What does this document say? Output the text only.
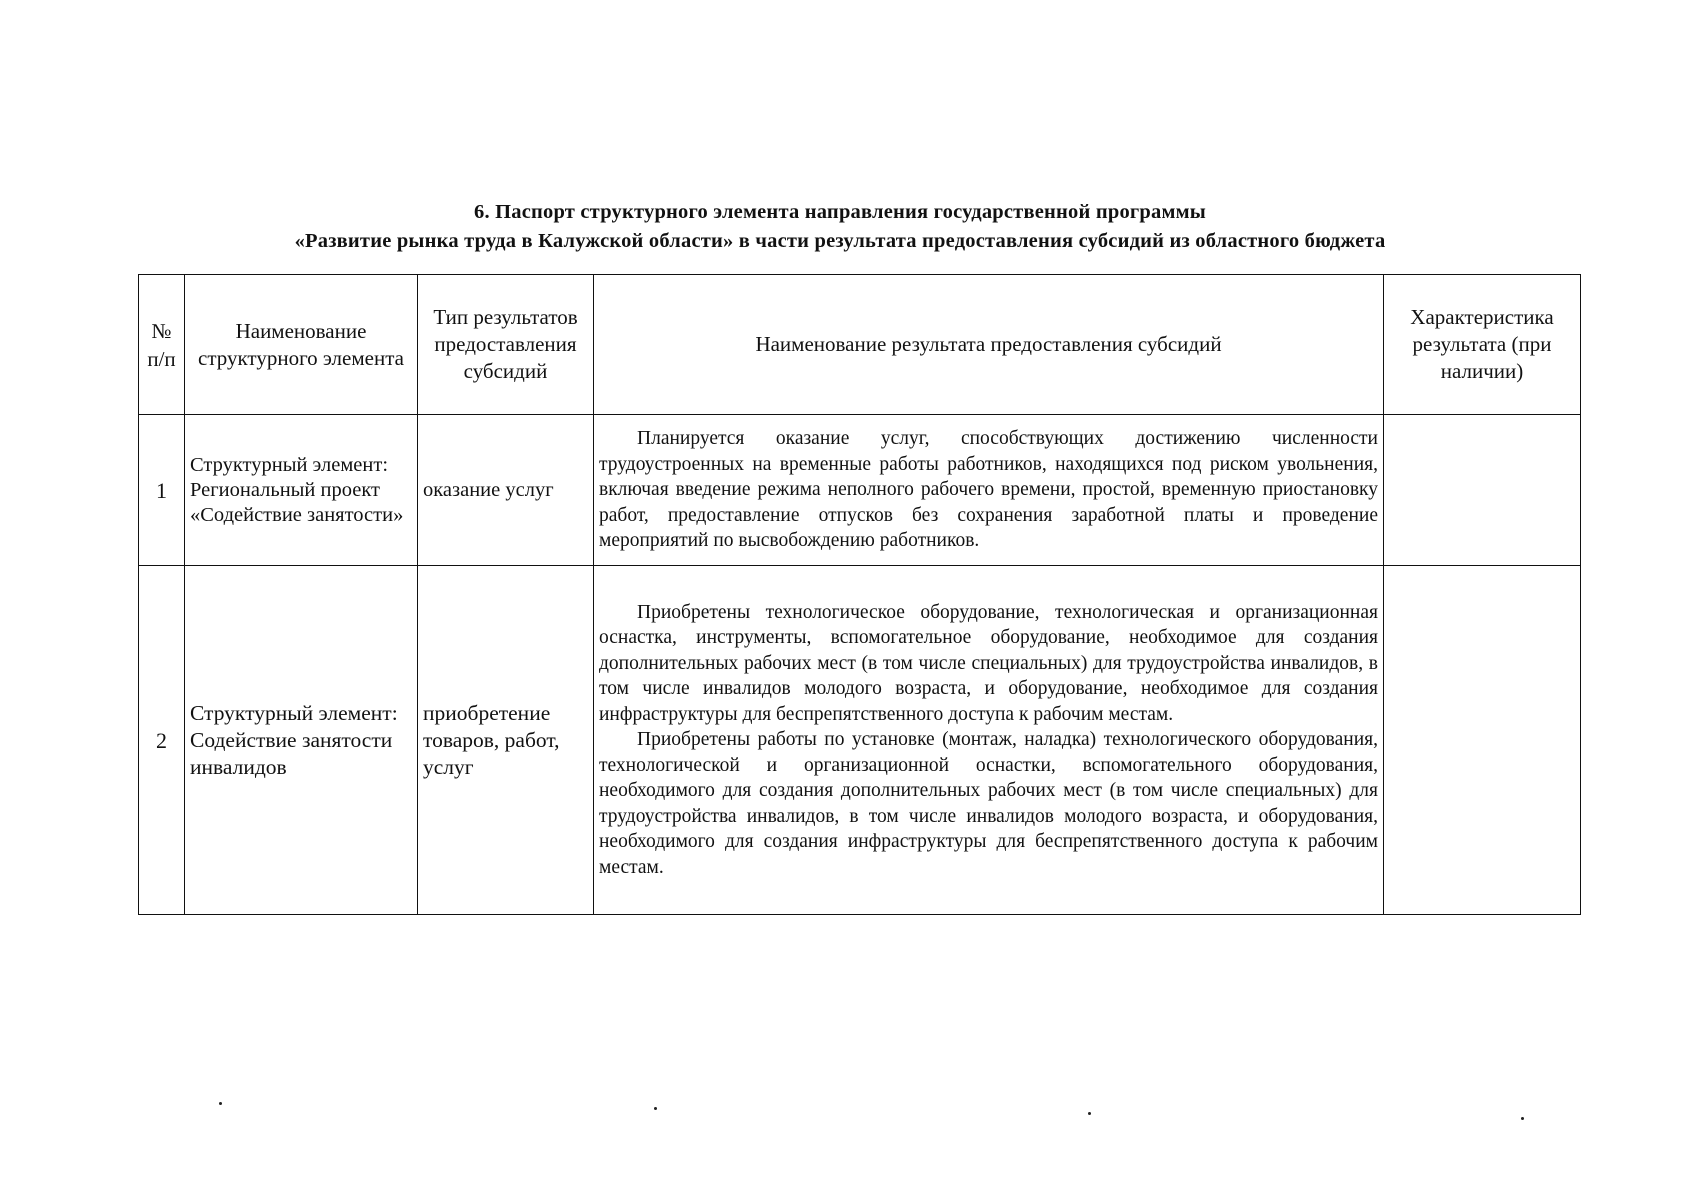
6. Паспорт структурного элемента направления государственной программы
«Развитие рынка труда в Калужской области» в части результата предоставления субсидий из областного бюджета
№ п/п	Наименование структурного элемента	Тип результатов предоставления субсидий	Наименование результата предоставления субсидий	Характеристика результата (при наличии)
1	Структурный элемент: Региональный проект «Содействие занятости»	оказание услуг	Планируется оказание услуг, способствующих достижению численности трудоустроенных на временные работы работников, находящихся под риском увольнения, включая введение режима неполного рабочего времени, простой, временную приостановку работ, предоставление отпусков без сохранения заработной платы и проведение мероприятий по высвобождению работников.	

2	Структурный элемент: Содействие занятости инвалидов	приобретение товаров, работ, услуг	Приобретены технологическое оборудование, технологическая и организационная оснастка, инструменты, вспомогательное оборудование, необходимое для создания дополнительных рабочих мест (в том числе специальных) для трудоустройства инвалидов, в том числе инвалидов молодого возраста, и оборудование, необходимое для создания инфраструктуры для беспрепятственного доступа к рабочим местам.

Приобретены работы по установке (монтаж, наладка) технологического оборудования, технологической и организационной оснастки, вспомогательного оборудования, необходимого для создания дополнительных рабочих мест (в том числе специальных) для трудоустройства инвалидов, в том числе инвалидов молодого возраста, и оборудования, необходимого для создания инфраструктуры для беспрепятственного доступа к рабочим местам.	
